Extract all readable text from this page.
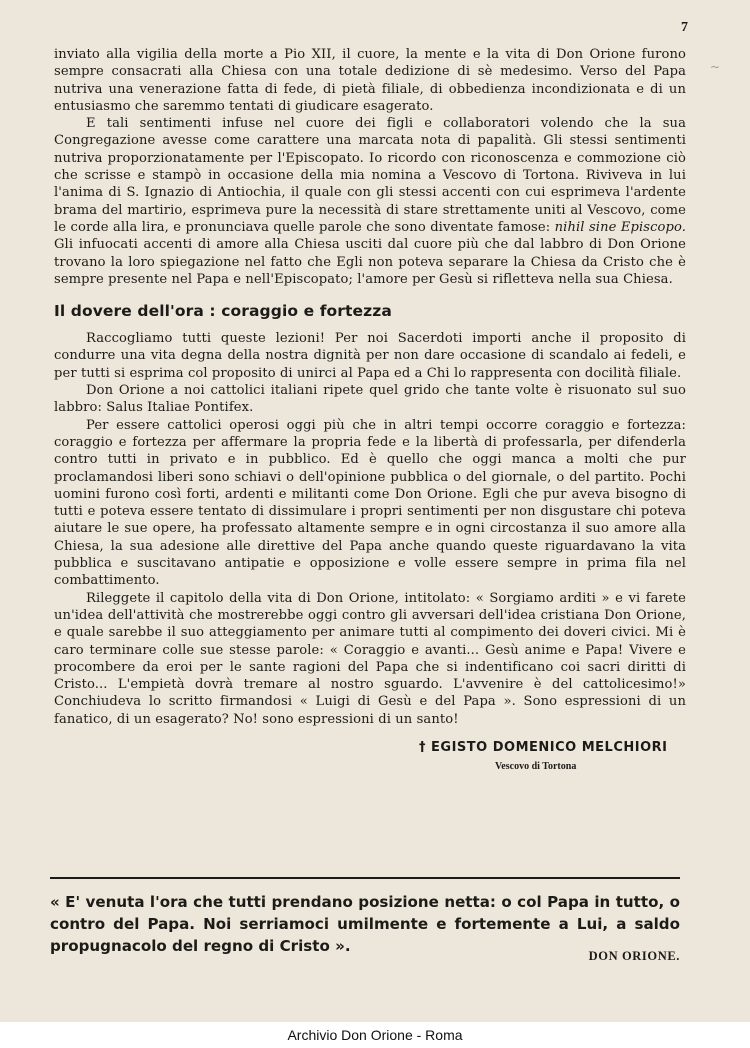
7
~

inviato alla vigilia della morte a Pio XII, il cuore, la mente e la vita di Don Orione furono sempre consacrati alla Chiesa con una totale dedizione di sè medesimo. Verso del Papa nutriva una venerazione fatta di fede, di pietà filiale, di obbedienza incondizionata e di un entusiasmo che saremmo tentati di giudicare esagerato.

E tali sentimenti infuse nel cuore dei figli e collaboratori volendo che la sua Congregazione avesse come carattere una marcata nota di papalità. Gli stessi sentimenti nutriva proporzionatamente per l'Episcopato. Io ricordo con riconoscenza e commozione ciò che scrisse e stampò in occasione della mia nomina a Vescovo di Tortona. Riviveva in lui l'anima di S. Ignazio di Antiochia, il quale con gli stessi accenti con cui esprimeva l'ardente brama del martirio, esprimeva pure la necessità di stare strettamente uniti al Vescovo, come le corde alla lira, e pronunciava quelle parole che sono diventate famose: nihil sine Episcopo. Gli infuocati accenti di amore alla Chiesa usciti dal cuore più che dal labbro di Don Orione trovano la loro spiegazione nel fatto che Egli non poteva separare la Chiesa da Cristo che è sempre presente nel Papa e nell'Episcopato; l'amore per Gesù si rifletteva nella sua Chiesa.

Il dovere dell'ora : coraggio e fortezza

Raccogliamo tutti queste lezioni! Per noi Sacerdoti importi anche il proposito di condurre una vita degna della nostra dignità per non dare occasione di scandalo ai fedeli, e per tutti si esprima col proposito di unirci al Papa ed a Chi lo rappresenta con docilità filiale.

Don Orione a noi cattolici italiani ripete quel grido che tante volte è risuonato sul suo labbro: Salus Italiae Pontifex.

Per essere cattolici operosi oggi più che in altri tempi occorre coraggio e fortezza: coraggio e fortezza per affermare la propria fede e la libertà di professarla, per difenderla contro tutti in privato e in pubblico. Ed è quello che oggi manca a molti che pur proclamandosi liberi sono schiavi o dell'opinione pubblica o del giornale, o del partito. Pochi uomini furono così forti, ardenti e militanti come Don Orione. Egli che pur aveva bisogno di tutti e poteva essere tentato di dissimulare i propri sentimenti per non disgustare chi poteva aiutare le sue opere, ha professato altamente sempre e in ogni circostanza il suo amore alla Chiesa, la sua adesione alle direttive del Papa anche quando queste riguardavano la vita pubblica e suscitavano antipatie e opposizione e volle essere sempre in prima fila nel combattimento.

Rileggete il capitolo della vita di Don Orione, intitolato: « Sorgiamo arditi » e vi farete un'idea dell'attività che mostrerebbe oggi contro gli avversari dell'idea cristiana Don Orione, e quale sarebbe il suo atteggiamento per animare tutti al compimento dei doveri civici. Mi è caro terminare colle sue stesse parole: « Coraggio e avanti... Gesù anime e Papa! Vivere e procombere da eroi per le sante ragioni del Papa che si indentificano coi sacri diritti di Cristo... L'empietà dovrà tremare al nostro sguardo. L'avvenire è del cattolicesimo!» Conchiudeva lo scritto firmandosi « Luigi di Gesù e del Papa ». Sono espressioni di un fanatico, di un esagerato? No! sono espressioni di un santo!

† EGISTO DOMENICO MELCHIORI
Vescovo di Tortona

« E' venuta l'ora che tutti prendano posizione netta: o col Papa in tutto, o contro del Papa. Noi serriamoci umilmente e fortemente a Lui, a saldo propugnacolo del regno di Cristo ».

DON ORIONE.
Archivio Don Orione - Roma
